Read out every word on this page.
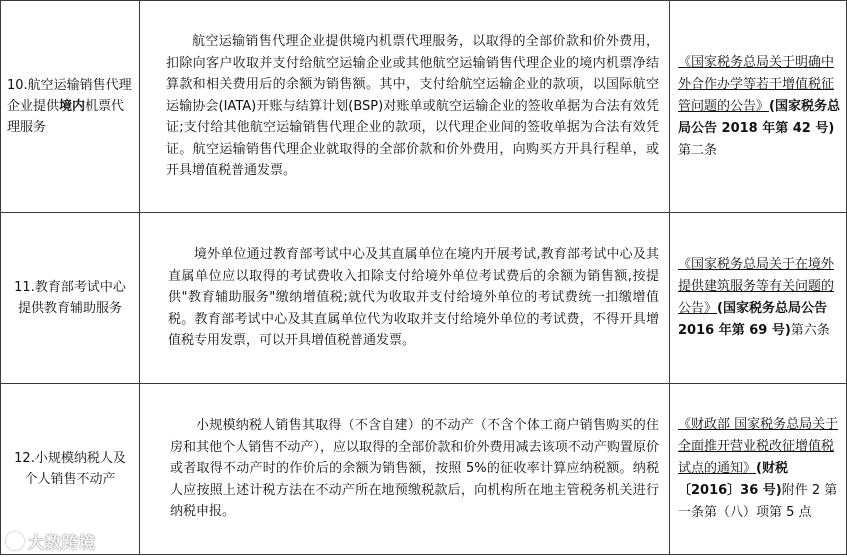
10.航空运输销售代理企业提供境内机票代理服务	航空运输销售代理企业提供境内机票代理服务，以取得的全部价款和价外费用，扣除向客户收取并支付给航空运输企业或其他航空运输销售代理企业的境内机票净结算款和相关费用后的余额为销售额。其中，支付给航空运输企业的款项，以国际航空运输协会(IATA)开账与结算计划(BSP)对账单或航空运输企业的签收单据为合法有效凭证;支付给其他航空运输销售代理企业的款项，以代理企业间的签收单据为合法有效凭证。航空运输销售代理企业就取得的全部价款和价外费用，向购买方开具行程单，或开具增值税普通发票。	《国家税务总局关于明确中外合作办学等若干增值税征管问题的公告》(国家税务总局公告 2018 年第 42 号)第二条

11.教育部考试中心提供教育辅助服务	境外单位通过教育部考试中心及其直属单位在境内开展考试,教育部考试中心及其直属单位应以取得的考试费收入扣除支付给境外单位考试费后的余额为销售额,按提供"教育辅助服务"缴纳增值税;就代为收取并支付给境外单位的考试费统一扣缴增值税。教育部考试中心及其直属单位代为收取并支付给境外单位的考试费，不得开具增值税专用发票，可以开具增值税普通发票。	《国家税务总局关于在境外提供建筑服务等有关问题的公告》(国家税务总局公告 2016 年第 69 号)第六条

12.小规模纳税人及个人销售不动产	小规模纳税人销售其取得（不含自建）的不动产（不含个体工商户销售购买的住房和其他个人销售不动产），应以取得的全部价款和价外费用减去该项不动产购置原价或者取得不动产时的作价后的余额为销售额，按照 5%的征收率计算应纳税额。纳税人应按照上述计税方法在不动产所在地预缴税款后，向机构所在地主管税务机关进行纳税申报。	《财政部 国家税务总局关于全面推开营业税改征增值税试点的通知》(财税〔2016〕36 号)附件 2 第一条第（八）项第 5 点
大数跨境
